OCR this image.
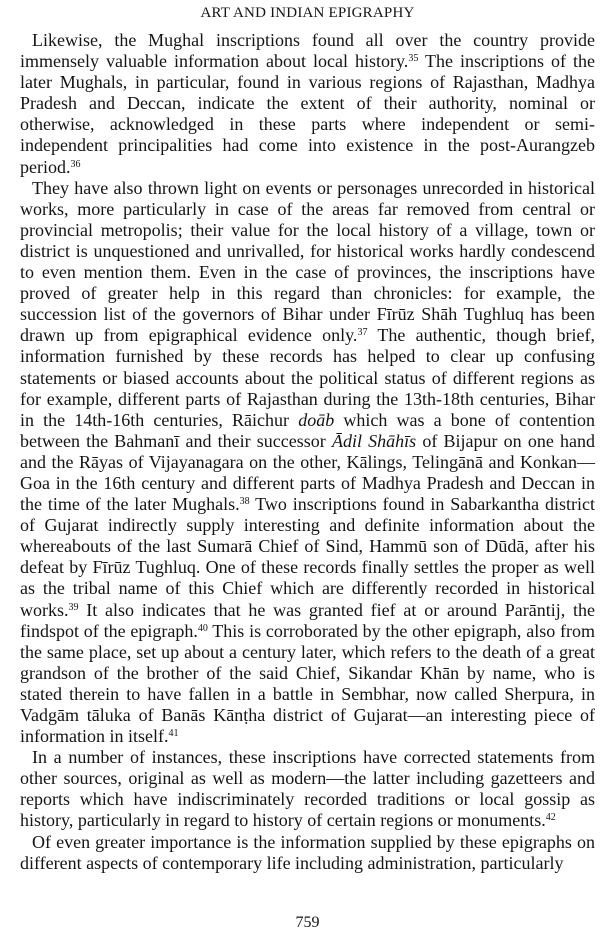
ART AND INDIAN EPIGRAPHY

Likewise, the Mughal inscriptions found all over the country provide immensely valuable information about local history.$^{35}$ The inscriptions of the later Mughals, in particular, found in various regions of Rajasthan, Madhya Pradesh and Deccan, indicate the extent of their authority, nominal or otherwise, acknowledged in these parts where independent or semi-independent principalities had come into existence in the post-Aurangzeb period.$^{36}$

They have also thrown light on events or personages unrecorded in historical works, more particularly in case of the areas far removed from central or provincial metropolis; their value for the local history of a village, town or district is unquestioned and unrivalled, for historical works hardly condescend to even mention them. Even in the case of provinces, the inscriptions have proved of greater help in this regard than chronicles: for example, the succession list of the governors of Bihar under Fīrūz Shāh Tughluq has been drawn up from epigraphical evidence only.$^{37}$ The authentic, though brief, information furnished by these records has helped to clear up confusing statements or biased accounts about the political status of different regions as for example, different parts of Rajasthan during the 13th-18th centuries, Bihar in the 14th-16th centuries, Rāichur doāb which was a bone of contention between the Bahmanī and their successor Ādil Shāhīs of Bijapur on one hand and the Rāyas of Vijayanagara on the other, Kālings, Telingānā and Konkan—Goa in the 16th century and different parts of Madhya Pradesh and Deccan in the time of the later Mughals.$^{38}$ Two inscriptions found in Sabarkantha district of Gujarat indirectly supply interesting and definite information about the whereabouts of the last Sumarā Chief of Sind, Hammū son of Dūdā, after his defeat by Fīrūz Tughluq. One of these records finally settles the proper as well as the tribal name of this Chief which are differently recorded in historical works.$^{39}$ It also indicates that he was granted fief at or around Parāntij, the findspot of the epigraph.$^{40}$ This is corroborated by the other epigraph, also from the same place, set up about a century later, which refers to the death of a great grandson of the brother of the said Chief, Sikandar Khān by name, who is stated therein to have fallen in a battle in Sembhar, now called Sherpura, in Vadgām tāluka of Banās Kānṭha district of Gujarat—an interesting piece of information in itself.$^{41}$

In a number of instances, these inscriptions have corrected statements from other sources, original as well as modern—the latter including gazetteers and reports which have indiscriminately recorded traditions or local gossip as history, particularly in regard to history of certain regions or monuments.$^{42}$

Of even greater importance is the information supplied by these epigraphs on different aspects of contemporary life including administration, particularly

759
